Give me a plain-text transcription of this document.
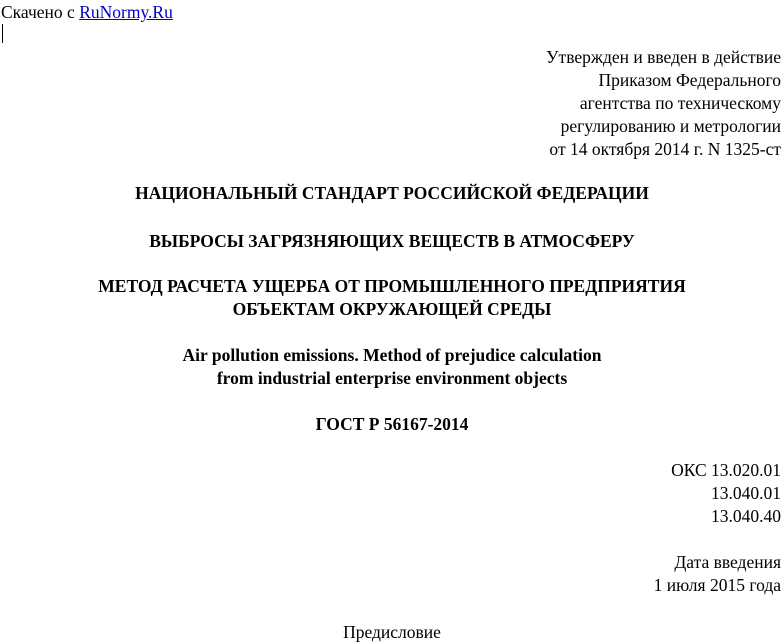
Скачено с RuNormy.Ru
Утвержден и введен в действие
Приказом Федерального
агентства по техническому
регулированию и метрологии
от 14 октября 2014 г. N 1325-ст
НАЦИОНАЛЬНЫЙ СТАНДАРТ РОССИЙСКОЙ ФЕДЕРАЦИИ
ВЫБРОСЫ ЗАГРЯЗНЯЮЩИХ ВЕЩЕСТВ В АТМОСФЕРУ
МЕТОД РАСЧЕТА УЩЕРБА ОТ ПРОМЫШЛЕННОГО ПРЕДПРИЯТИЯ
ОБЪЕКТАМ ОКРУЖАЮЩЕЙ СРЕДЫ
Air pollution emissions. Method of prejudice calculation
from industrial enterprise environment objects
ГОСТ Р 56167-2014
ОКС 13.020.01
13.040.01
13.040.40
Дата введения
1 июля 2015 года
Предисловие
